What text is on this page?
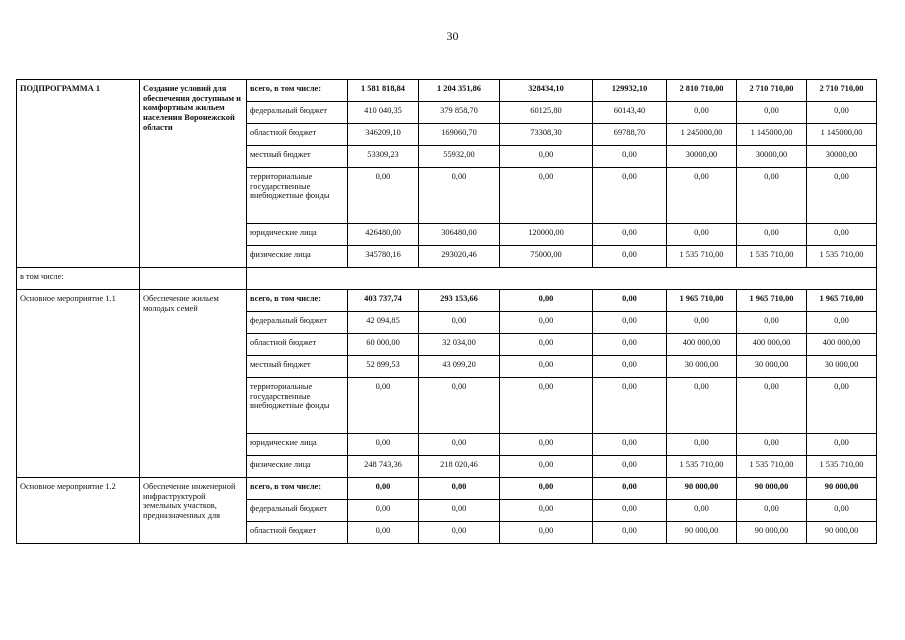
30
ПОДПРОГРАММА 1	Создание условий для обеспечения доступным и комфортным жильем населения Воронежской области	всего, в том числе:	1 581 818,84	1 204 351,86	328434,10	129932,10	2 810 710,00	2 710 710,00	2 710 710,00
		федеральный бюджет	410 040,35	379 858,70	60125,80	60143,40	0,00	0,00	0,00
		областной бюджет	346209,10	169060,70	73308,30	69788,70	1 245000,00	1 145000,00	1 145000,00
		местный бюджет	53309,23	55932,00	0,00	0,00	30000,00	30000,00	30000,00
		территориальные государственные внебюджетные фонды	0,00	0,00	0,00	0,00	0,00	0,00	0,00
		юридические лица	426480,00	306480,00	120000,00	0,00	0,00	0,00	0,00
		физические лица	345780,16	293020,46	75000,00	0,00	1 535 710,00	1 535 710,00	1 535 710,00
в том числе:									
Основное мероприятие 1.1	Обеспечение жильем молодых семей	всего, в том числе:	403 737,74	293 153,66	0,00	0,00	1 965 710,00	1 965 710,00	1 965 710,00
		федеральный бюджет	42 094,85	0,00	0,00	0,00	0,00	0,00	0,00
		областной бюджет	60 000,00	32 034,00	0,00	0,00	400 000,00	400 000,00	400 000,00
		местный бюджет	52 899,53	43 099,20	0,00	0,00	30 000,00	30 000,00	30 000,00
		территориальные государственные внебюджетные фонды	0,00	0,00	0,00	0,00	0,00	0,00	0,00
		юридические лица	0,00	0,00	0,00	0,00	0,00	0,00	0,00
		физические лица	248 743,36	218 020,46	0,00	0,00	1 535 710,00	1 535 710,00	1 535 710,00
Основное мероприятие 1.2	Обеспечение инженерной инфраструктурой земельных участков, предназначенных для	всего, в том числе:	0,00	0,00	0,00	0,00	90 000,00	90 000,00	90 000,00
		федеральный бюджет	0,00	0,00	0,00	0,00	0,00	0,00	0,00
		областной бюджет	0,00	0,00	0,00	0,00	90 000,00	90 000,00	90 000,00
